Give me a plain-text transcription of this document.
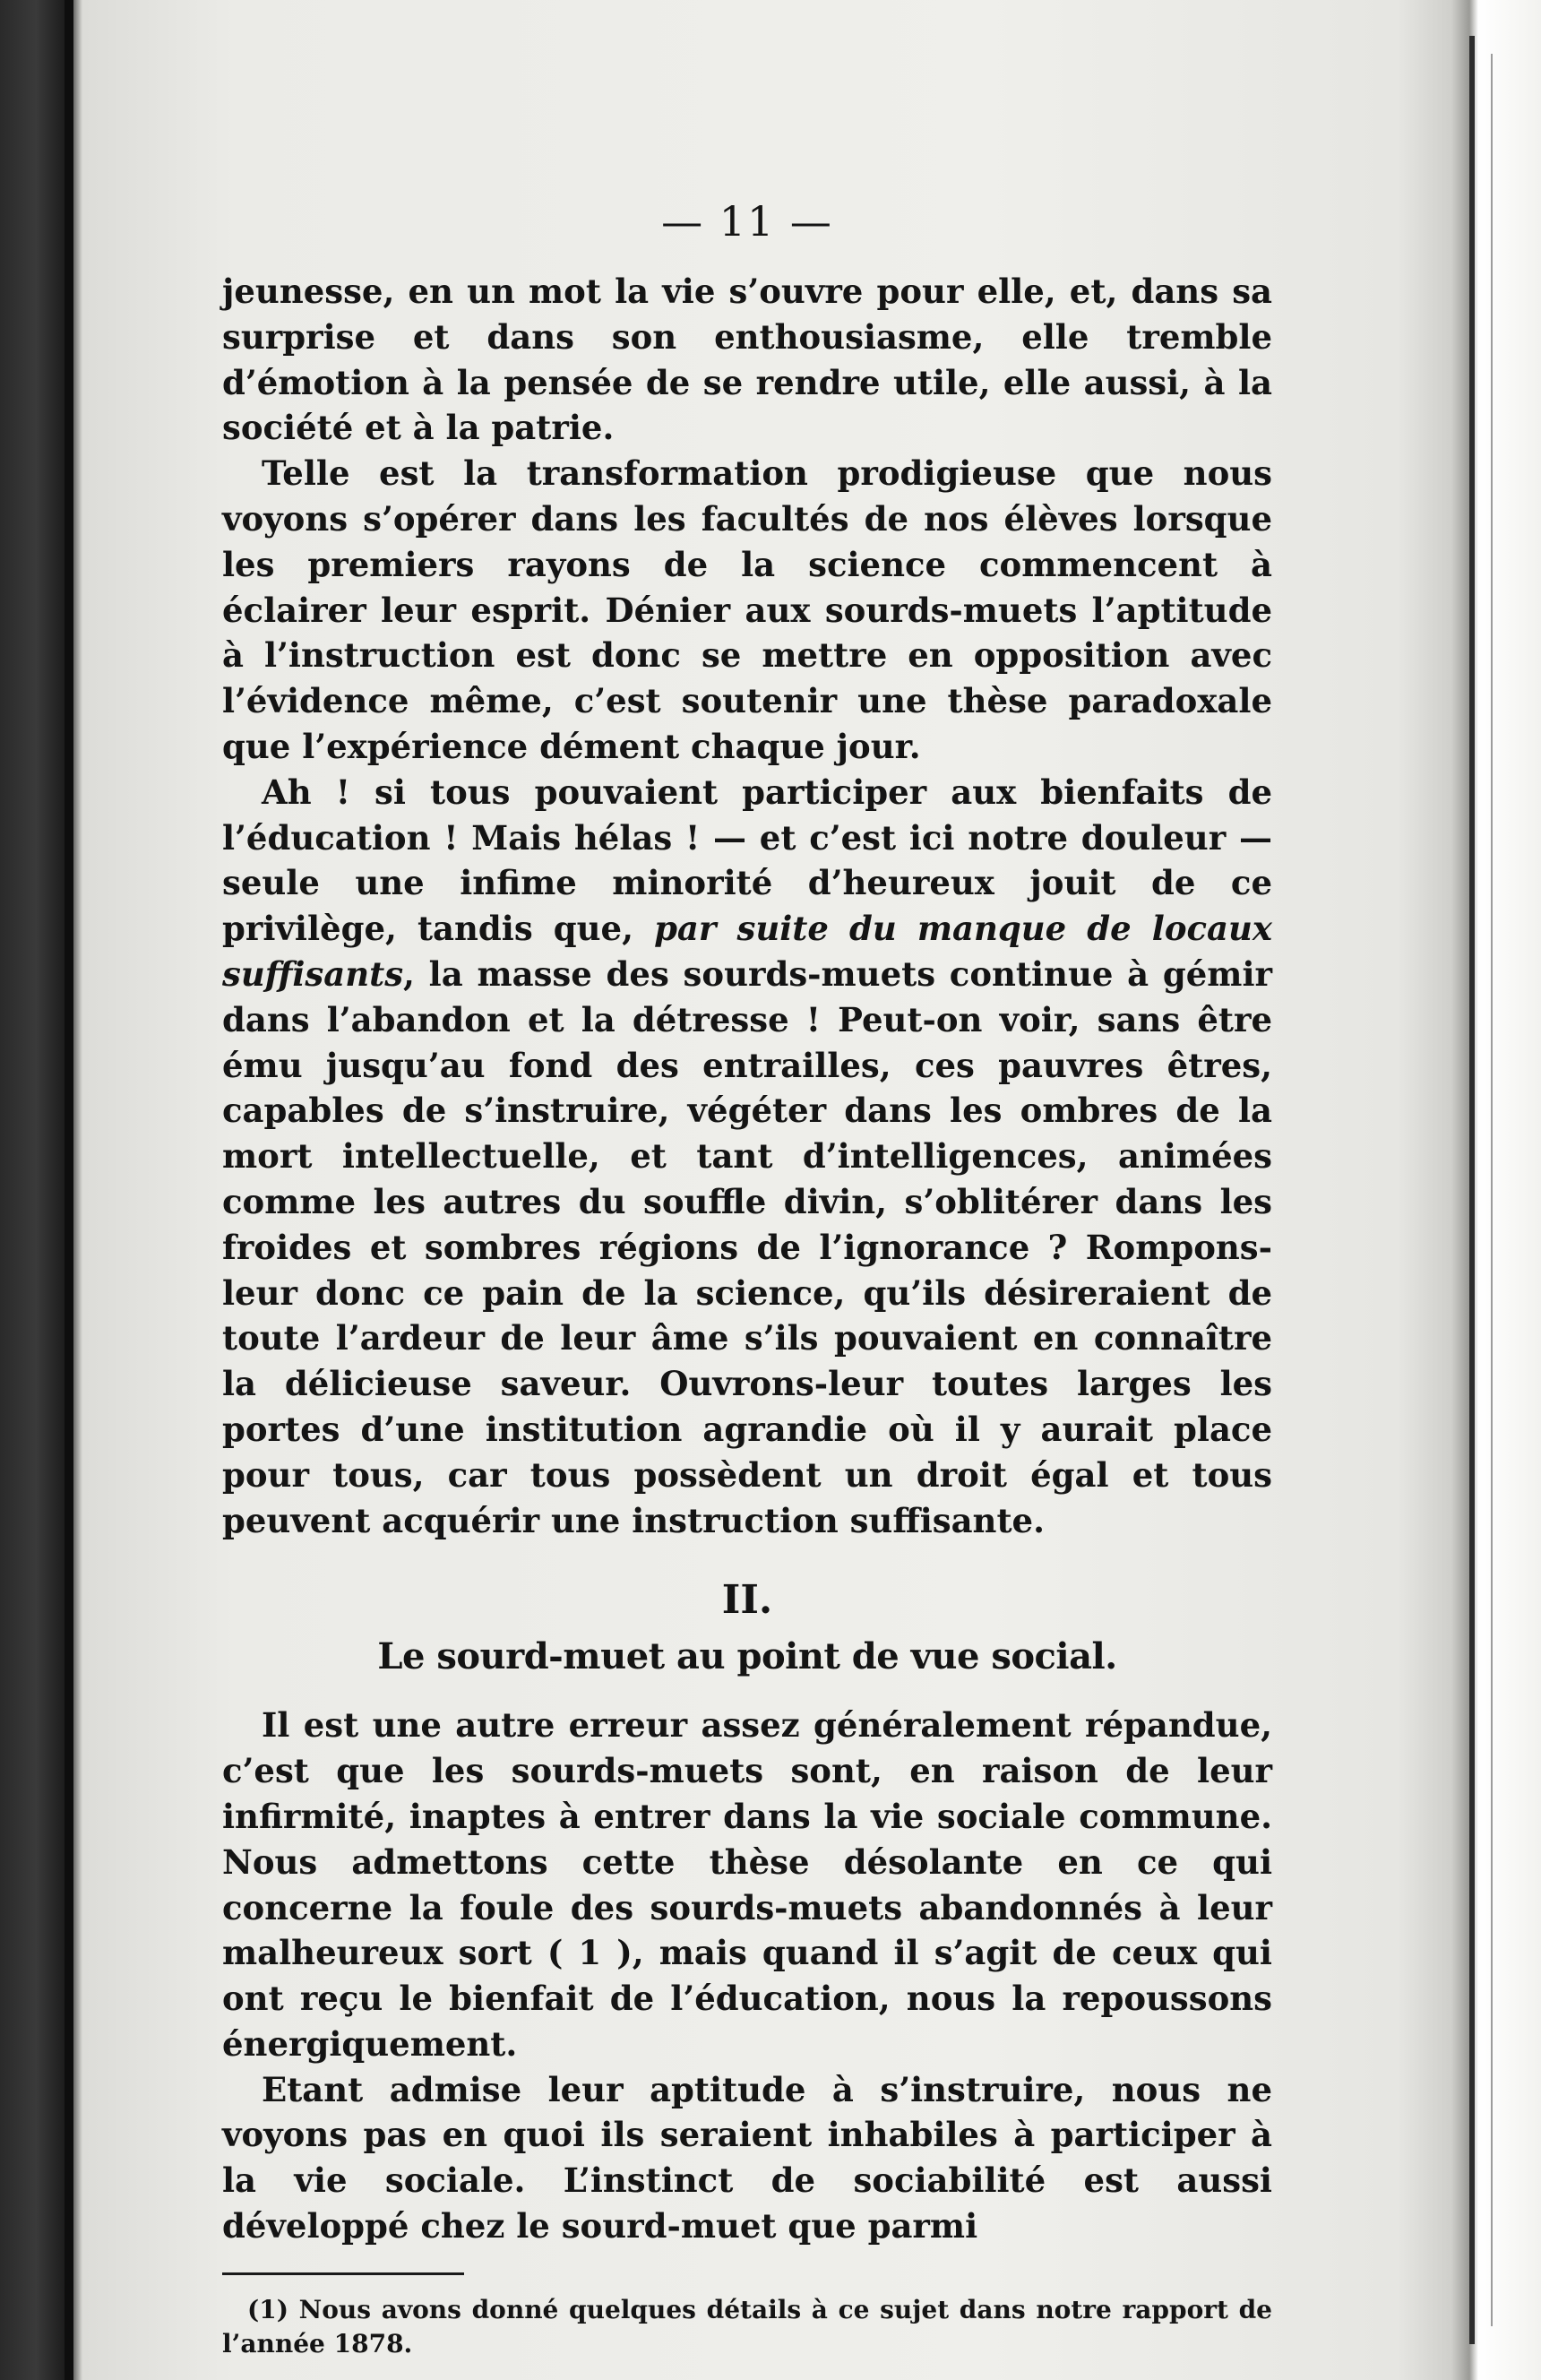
— 11 —

jeunesse, en un mot la vie s’ouvre pour elle, et, dans sa surprise et dans son enthousiasme, elle tremble d’émotion à la pensée de se rendre utile, elle aussi, à la société et à la patrie.

Telle est la transformation prodigieuse que nous voyons s’opérer dans les facultés de nos élèves lorsque les premiers rayons de la science commencent à éclairer leur esprit. Dénier aux sourds-muets l’aptitude à l’instruction est donc se mettre en opposition avec l’évidence même, c’est soutenir une thèse paradoxale que l’expérience dément chaque jour.

Ah ! si tous pouvaient participer aux bienfaits de l’éducation ! Mais hélas ! — et c’est ici notre douleur — seule une infime minorité d’heureux jouit de ce privilège, tandis que, par suite du manque de locaux suffisants, la masse des sourds-muets continue à gémir dans l’abandon et la détresse ! Peut-on voir, sans être ému jusqu’au fond des entrailles, ces pauvres êtres, capables de s’instruire, végéter dans les ombres de la mort intellectuelle, et tant d’intelligences, animées comme les autres du souffle divin, s’oblitérer dans les froides et sombres régions de l’ignorance ? Rompons-leur donc ce pain de la science, qu’ils désireraient de toute l’ardeur de leur âme s’ils pouvaient en connaître la délicieuse saveur. Ouvrons-leur toutes larges les portes d’une institution agrandie où il y aurait place pour tous, car tous possèdent un droit égal et tous peuvent acquérir une instruction suffisante.

II.
Le sourd-muet au point de vue social.

Il est une autre erreur assez généralement répandue, c’est que les sourds-muets sont, en raison de leur infirmité, inaptes à entrer dans la vie sociale commune. Nous admettons cette thèse désolante en ce qui concerne la foule des sourds-muets abandonnés à leur malheureux sort ( 1 ), mais quand il s’agit de ceux qui ont reçu le bienfait de l’éducation, nous la repoussons énergiquement.

Etant admise leur aptitude à s’instruire, nous ne voyons pas en quoi ils seraient inhabiles à participer à la vie sociale. L’instinct de sociabilité est aussi développé chez le sourd-muet que parmi

(1) Nous avons donné quelques détails à ce sujet dans notre rapport de l’année 1878.
